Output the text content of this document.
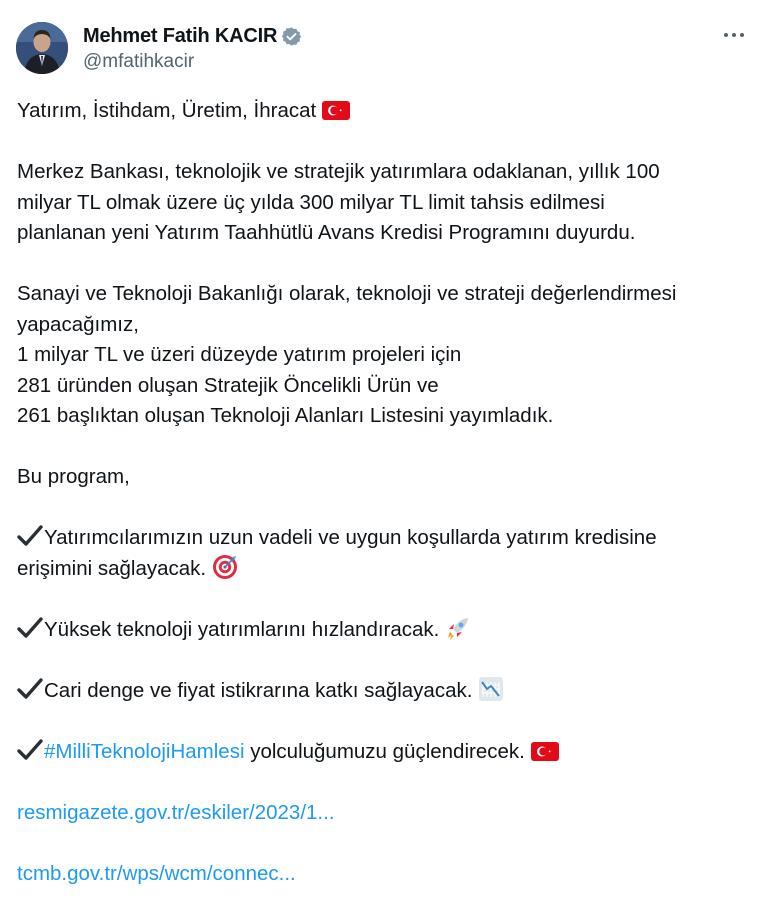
Mehmet Fatih KACIR
@mfatihkacir
Yatırım, İstihdam, Üretim, İhracat
Merkez Bankası, teknolojik ve stratejik yatırımlara odaklanan, yıllık 100
milyar TL olmak üzere üç yılda 300 milyar TL limit tahsis edilmesi
planlanan yeni Yatırım Taahhütlü Avans Kredisi Programını duyurdu.
Sanayi ve Teknoloji Bakanlığı olarak, teknoloji ve strateji değerlendirmesi
yapacağımız,
1 milyar TL ve üzeri düzeyde yatırım projeleri için
281 üründen oluşan Stratejik Öncelikli Ürün ve
261 başlıktan oluşan Teknoloji Alanları Listesini yayımladık.
Bu program,
Yatırımcılarımızın uzun vadeli ve uygun koşullarda yatırım kredisine
erişimini sağlayacak.
Yüksek teknoloji yatırımlarını hızlandıracak.
Cari denge ve fiyat istikrarına katkı sağlayacak.
#MilliTeknolojiHamlesi yolculuğumuzu güçlendirecek.
resmigazete.gov.tr/eskiler/2023/1...
tcmb.gov.tr/wps/wcm/connec...
